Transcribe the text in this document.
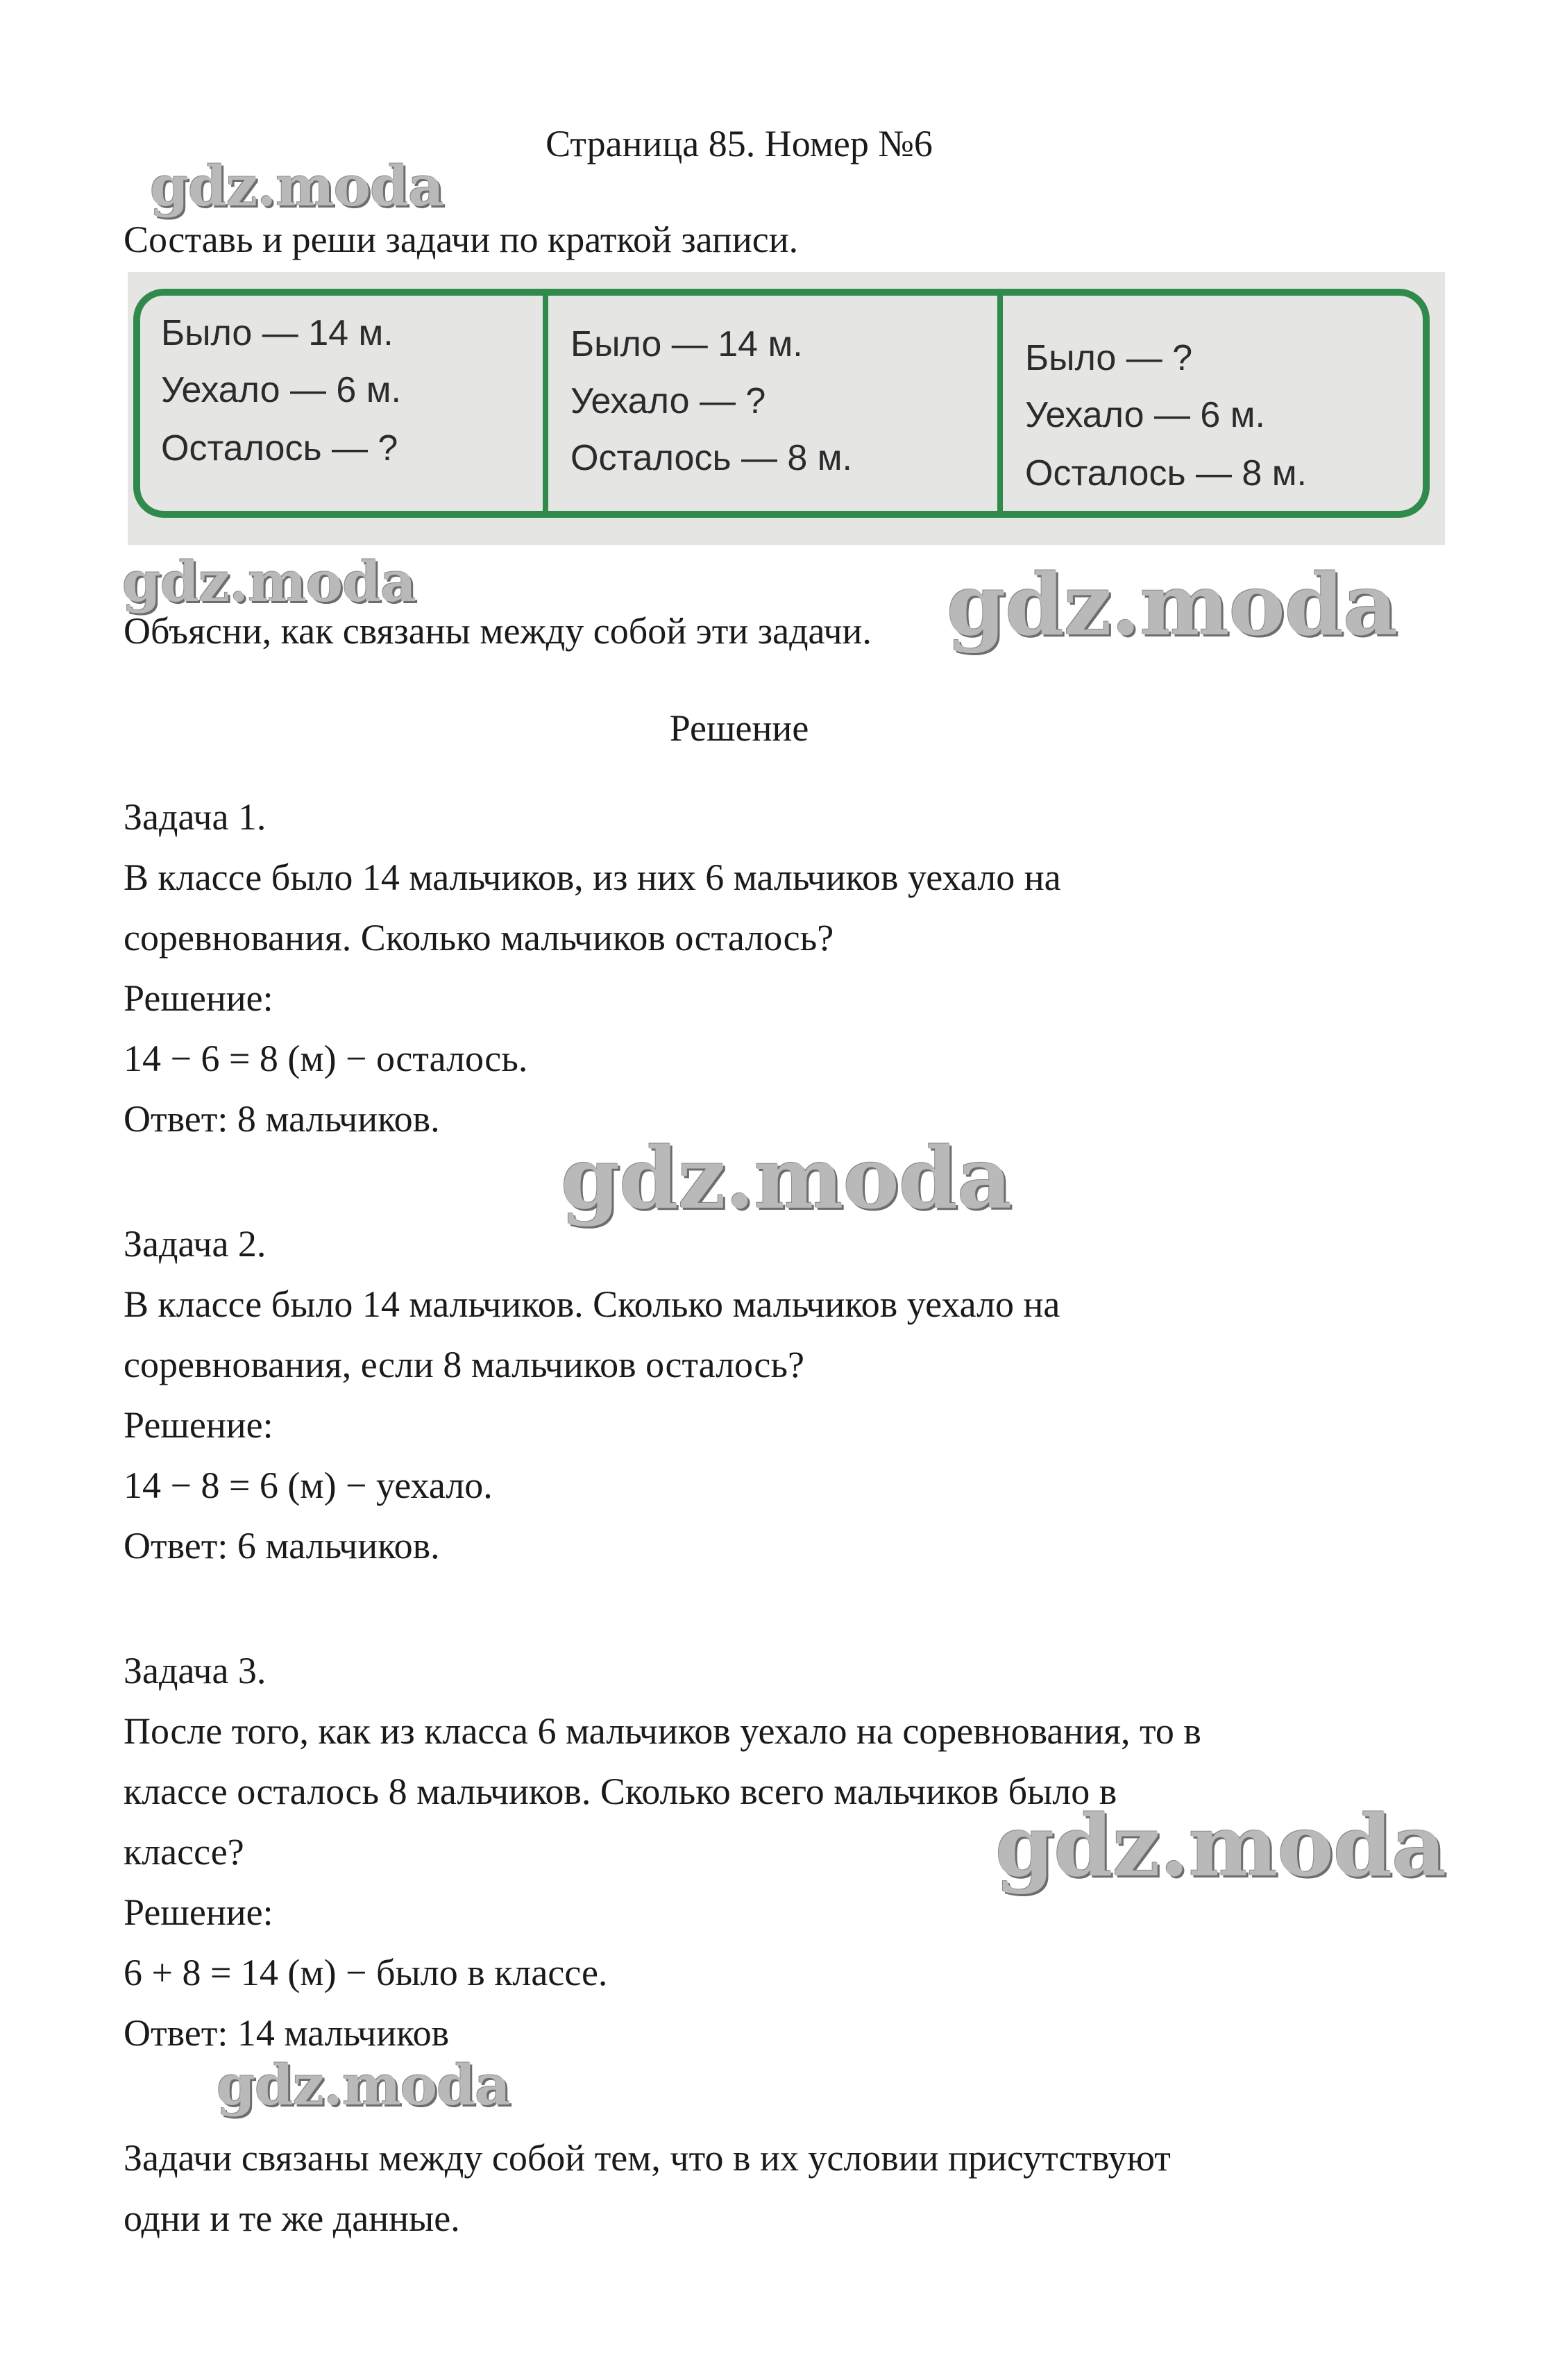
Страница 85. Номер №6
Составь и реши задачи по краткой записи.
Было — 14 м.
Уехало — 6 м.
Осталось — ?
Было — 14 м.
Уехало — ?
Осталось — 8 м.
Было — ?
Уехало — 6 м.
Осталось — 8 м.
Объясни, как связаны между собой эти задачи.
Решение
Задача 1.
В классе было 14 мальчиков, из них 6 мальчиков уехало на
соревнования. Сколько мальчиков осталось?
Решение:
14 − 6 = 8 (м) − осталось.
Ответ: 8 мальчиков.
Задача 2.
В классе было 14 мальчиков. Сколько мальчиков уехало на
соревнования, если 8 мальчиков осталось?
Решение:
14 − 8 = 6 (м) − уехало.
Ответ: 6 мальчиков.
Задача 3.
После того, как из класса 6 мальчиков уехало на соревнования, то в
классе осталось 8 мальчиков. Сколько всего мальчиков было в
классе?
Решение:
6 + 8 = 14 (м) − было в классе.
Ответ: 14 мальчиков
Задачи связаны между собой тем, что в их условии присутствуют
одни и те же данные.
gdz.moda
gdz.moda	gdz.moda
gdz.moda
gdz.moda
gdz.moda
